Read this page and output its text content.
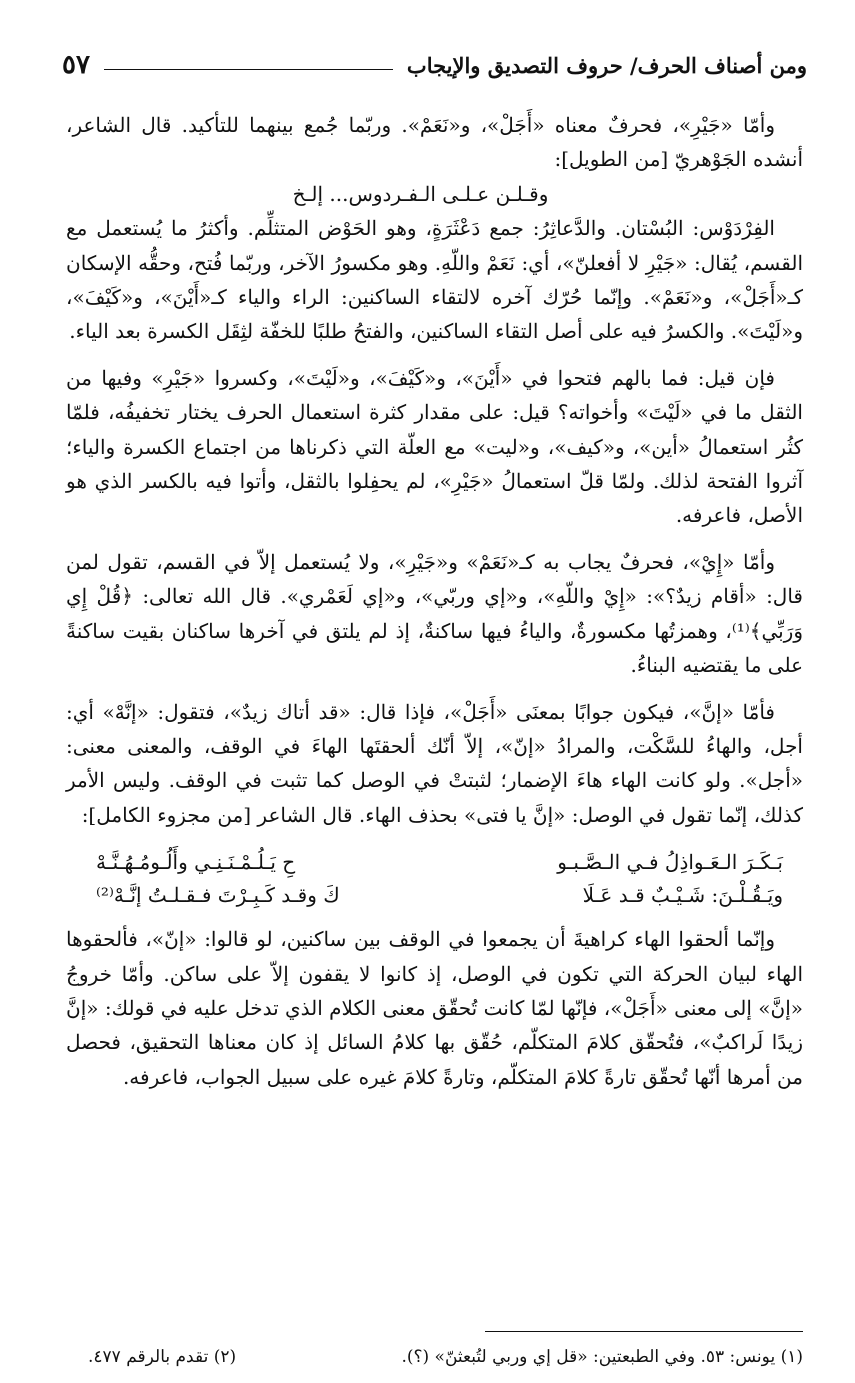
ومن أصناف الحرف/ حروف التصديق والإيجاب
٥٧

وأمّا «جَيْرِ»، فحرفٌ معناه «أَجَلْ»، و«نَعَمْ». وربّما جُمع بينهما للتأكيد. قال الشاعر، أنشده الجَوْهريّ [من الطويل]:

وقـلـن عـلـى الـفـردوس... إلـخ

الفِرْدَوْس: البُسْتان. والدَّعاثِرُ: جمع دَعْثَرَةٍ، وهو الحَوْض المتثلِّم. وأكثرُ ما يُستعمل مع القسم، يُقال: «جَيْرِ لا أفعلنّ»، أي: نَعَمْ واللّهِ. وهو مكسورُ الآخر، وربّما فُتح، وحقُّه الإسكان كـ«أَجَلْ»، و«نَعَمْ». وإنّما حُرّك آخره لالتقاء الساكنين: الراء والياء كـ«أَيْنَ»، و«كَيْفَ»، و«لَيْتَ». والكسرُ فيه على أصل التقاء الساكنين، والفتحُ طلبًا للخفّة لثِقَل الكسرة بعد الياء.

فإن قيل: فما بالهم فتحوا في «أَيْنَ»، و«كَيْفَ»، و«لَيْتَ»، وكسروا «جَيْرِ» وفيها من الثقل ما في «لَيْتَ» وأخواته؟ قيل: على مقدار كثرة استعمال الحرف يختار تخفيفُه، فلمّا كثُر استعمالُ «أين»، و«كيف»، و«ليت» مع العلّة التي ذكرناها من اجتماع الكسرة والياء؛ آثروا الفتحة لذلك. ولمّا قلّ استعمالُ «جَيْرِ»، لم يحفِلوا بالثقل، وأتوا فيه بالكسر الذي هو الأصل، فاعرفه.

وأمّا «إِيْ»، فحرفٌ يجاب به كـ«نَعَمْ» و«جَيْرِ»، ولا يُستعمل إلاّ في القسم، تقول لمن قال: «أقام زيدٌ؟»: «إِيْ واللّهِ»، و«إي وربّي»، و«إي لَعَمْري». قال الله تعالى: ﴿قُلْ إِي وَرَبِّي﴾⁽¹⁾، وهمزتُها مكسورةٌ، والياءُ فيها ساكنةٌ، إذ لم يلتق في آخرها ساكنان بقيت ساكنةً على ما يقتضيه البناءُ.

فأمّا «إنَّ»، فيكون جوابًا بمعنَى «أَجَلْ»، فإذا قال: «قد أتاك زيدٌ»، فتقول: «إنَّهْ» أي: أجل، والهاءُ للسَّكْت، والمرادُ «إنّ»، إلاّ أنّك ألحقتَها الهاءَ في الوقف، والمعنى معنى: «أجل». ولو كانت الهاء هاءَ الإضمار؛ لثبتتْ في الوصل كما تثبت في الوقف. وليس الأمر كذلك، إنّما تقول في الوصل: «إنَّ يا فتى» بحذف الهاء. قال الشاعر [من مجزوء الكامل]:

بَـكَـرَ الـعَـواذِلُ فـي الـصَّـبـو
حِ يَـلُـمْـنَـنِـي وأَلُـومُـهُـنَّـهْ
ويَـقُـلْـنَ: شَـيْـبٌ قـد عَـلَا
كَ وقـد كَـبِـرْتَ فـقـلـتُ إنَّـهْ⁽²⁾

وإنّما ألحقوا الهاء كراهيةَ أن يجمعوا في الوقف بين ساكنين، لو قالوا: «إنّ»، فألحقوها الهاء لبيان الحركة التي تكون في الوصل، إذ كانوا لا يقفون إلاّ على ساكن. وأمّا خروجُ «إنَّ» إلى معنى «أَجَلْ»، فإنّها لمّا كانت تُحقّق معنى الكلام الذي تدخل عليه في قولك: «إنَّ زيدًا لَراكبٌ»، فتُحقّق كلامَ المتكلّم، حُقّق بها كلامُ السائل إذ كان معناها التحقيق، فحصل من أمرها أنّها تُحقّق تارةً كلامَ المتكلّم، وتارةً كلامَ غيره على سبيل الجواب، فاعرفه.

(١) يونس: ٥٣. وفي الطبعتين: «قل إي وربي لتُبعثنّ» (؟).
(٢) تقدم بالرقم ٤٧٧.
